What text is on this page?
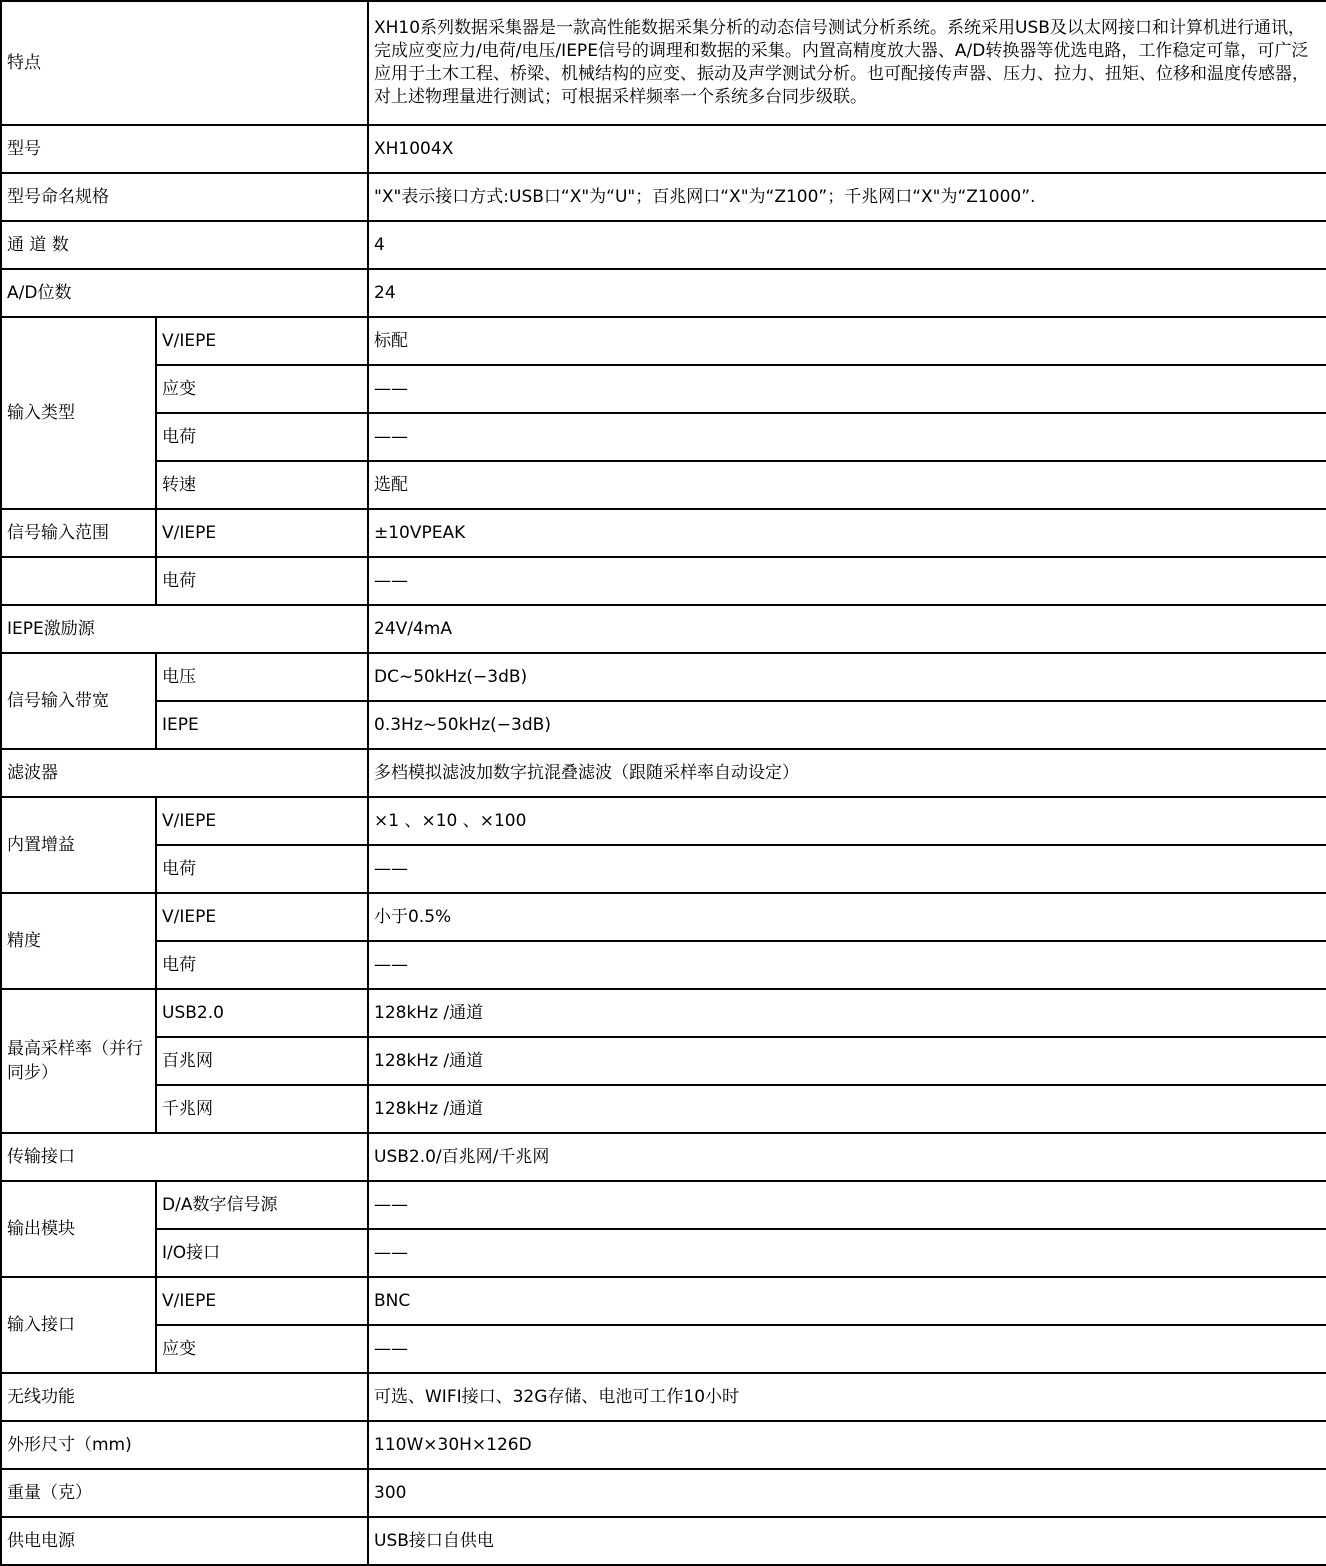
特点		XH10系列数据采集器是一款高性能数据采集分析的动态信号测试分析系统。系统采用USB及以太网接口和计算机进行通讯，完成应变应力/电荷/电压/IEPE信号的调理和数据的采集。内置高精度放大器、A/D转换器等优选电路，工作稳定可靠，可广泛应用于土木工程、桥梁、机械结构的应变、振动及声学测试分析。也可配接传声器、压力、拉力、扭矩、位移和温度传感器，对上述物理量进行测试；可根据采样频率一个系统多台同步级联。
型号		XH1004X
型号命名规格		"X"表示接口方式:USB口“X"为“U"；百兆网口“X"为“Z100”；千兆网口“X"为“Z1000”.
通 道 数		4
A/D位数		24
输入类型	V/IEPE	标配
	应变	——
	电荷	——
	转速	选配
信号输入范围	V/IEPE	±10VPEAK
	电荷	——
IEPE激励源		24V/4mA
信号输入带宽	电压	DC~50kHz(−3dB)
	IEPE	0.3Hz~50kHz(−3dB)
滤波器		多档模拟滤波加数字抗混叠滤波（跟随采样率自动设定）
内置增益	V/IEPE	×1 、×10 、×100
	电荷	——
精度	V/IEPE	小于0.5%
	电荷	——
最高采样率（并行同步）	USB2.0	128kHz /通道
	百兆网	128kHz /通道
	千兆网	128kHz /通道
传输接口		USB2.0/百兆网/千兆网
输出模块	D/A数字信号源	——
	I/O接口	——
输入接口	V/IEPE	BNC
	应变	——
无线功能		可选、WIFI接口、32G存储、电池可工作10小时
外形尺寸（mm)		110W×30H×126D
重量（克）		300
供电电源		USB接口自供电
